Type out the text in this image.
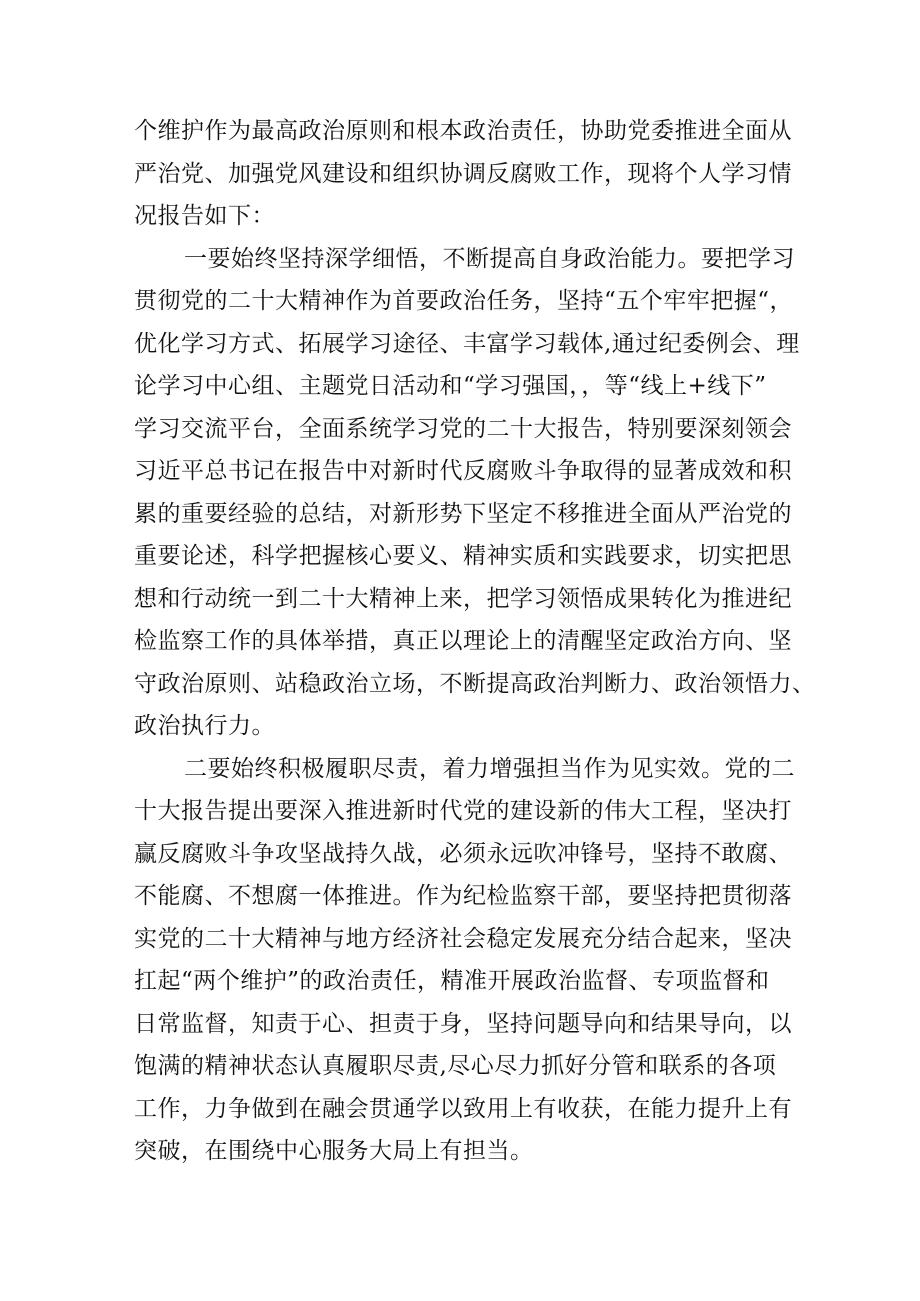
个维护作为最高政治原则和根本政治责任，协助党委推进全面从
严治党、加强党风建设和组织协调反腐败工作，现将个人学习情
况报告如下：
一要始终坚持深学细悟，不断提高自身政治能力。要把学习
贯彻党的二十大精神作为首要政治任务，坚持“五个牢牢把握“，
优化学习方式、拓展学习途径、丰富学习载体,通过纪委例会、理
论学习中心组、主题党日活动和“学习强国，，等“线上+线下”
学习交流平台，全面系统学习党的二十大报告，特别要深刻领会
习近平总书记在报告中对新时代反腐败斗争取得的显著成效和积
累的重要经验的总结，对新形势下坚定不移推进全面从严治党的
重要论述，科学把握核心要义、精神实质和实践要求，切实把思
想和行动统一到二十大精神上来，把学习领悟成果转化为推进纪
检监察工作的具体举措，真正以理论上的清醒坚定政治方向、坚
守政治原则、站稳政治立场，不断提高政治判断力、政治领悟力、
政治执行力。
二要始终积极履职尽责，着力增强担当作为见实效。党的二
十大报告提出要深入推进新时代党的建设新的伟大工程，坚决打
赢反腐败斗争攻坚战持久战，必须永远吹冲锋号，坚持不敢腐、
不能腐、不想腐一体推进。作为纪检监察干部，要坚持把贯彻落
实党的二十大精神与地方经济社会稳定发展充分结合起来，坚决
扛起“两个维护”的政治责任，精准开展政治监督、专项监督和
日常监督，知责于心、担责于身，坚持问题导向和结果导向，以
饱满的精神状态认真履职尽责,尽心尽力抓好分管和联系的各项
工作，力争做到在融会贯通学以致用上有收获，在能力提升上有
突破，在围绕中心服务大局上有担当。
